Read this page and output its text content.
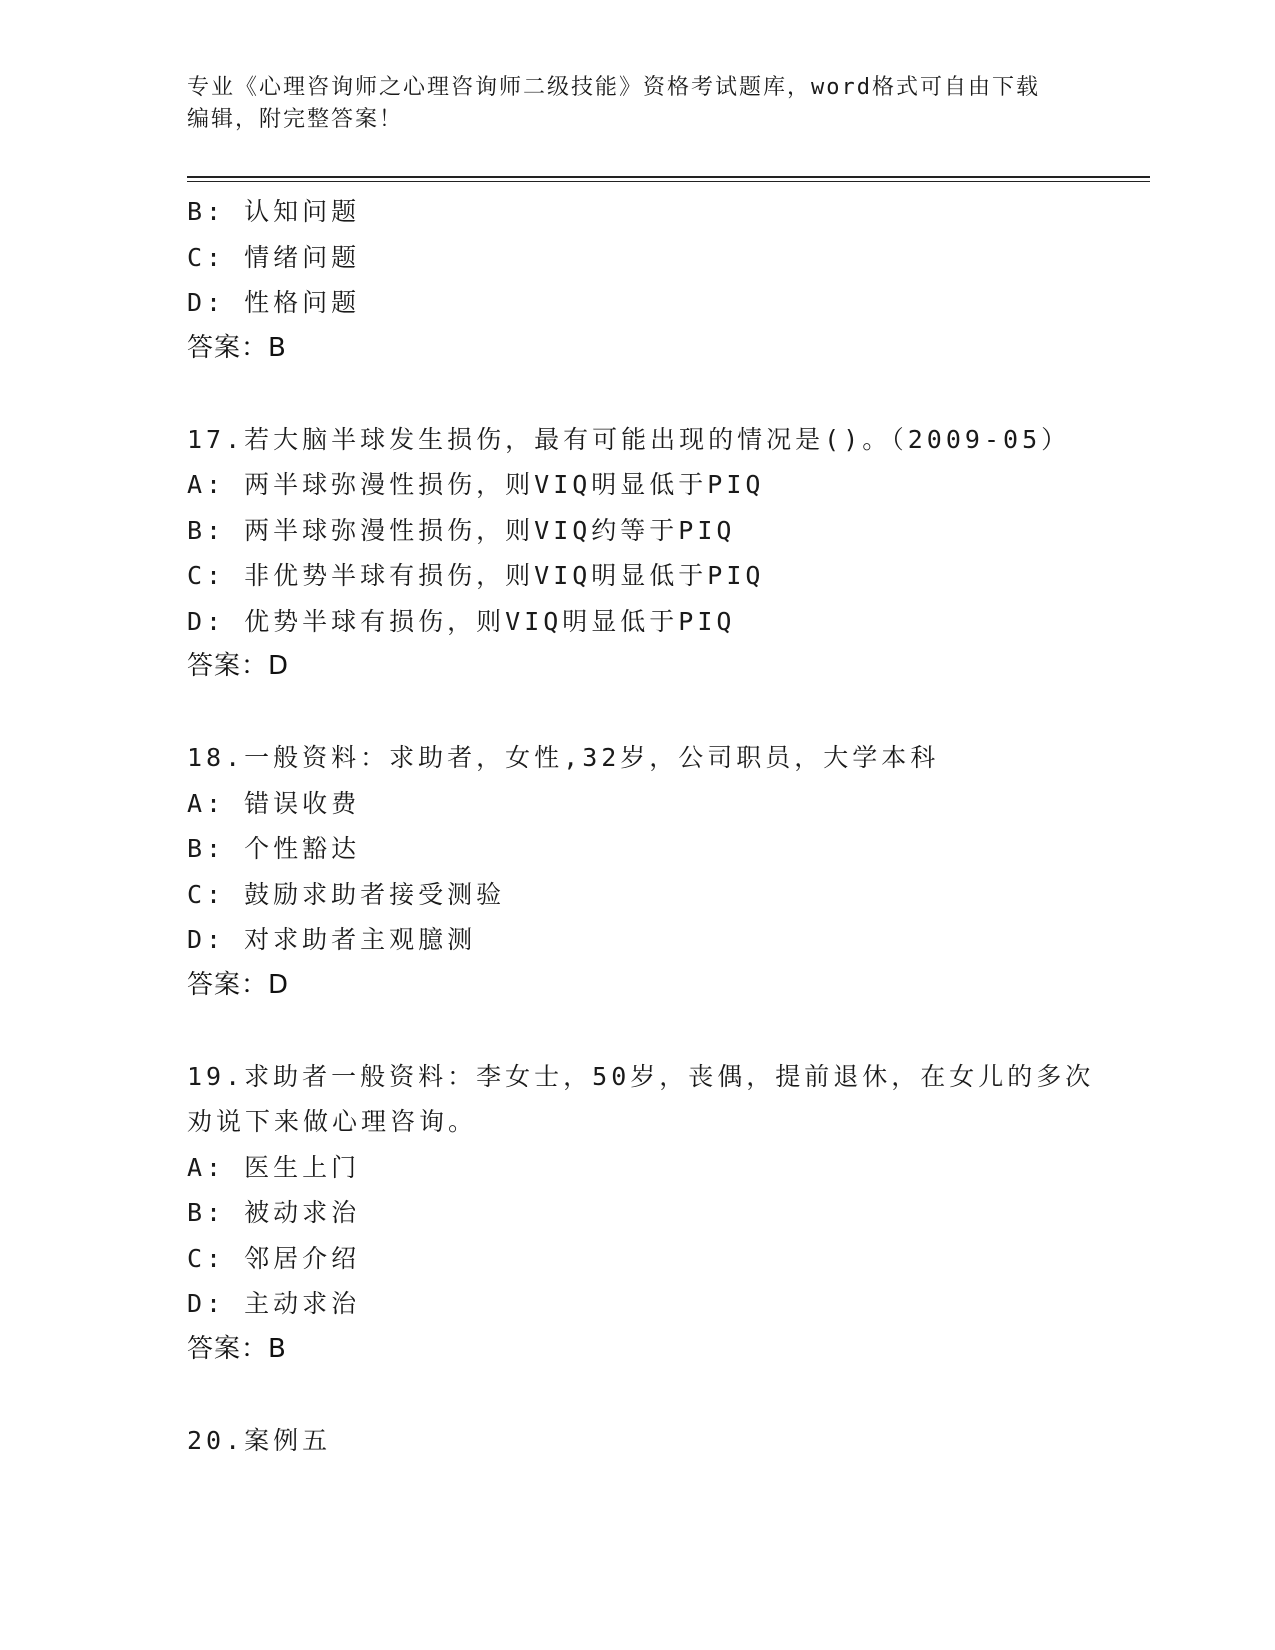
专业《心理咨询师之心理咨询师二级技能》资格考试题库，word格式可自由下载
编辑，附完整答案！
B: 认知问题
C: 情绪问题
D: 性格问题
答案：B
17.若大脑半球发生损伤，最有可能出现的情况是()。（2009-05）
A: 两半球弥漫性损伤，则VIQ明显低于PIQ
B: 两半球弥漫性损伤，则VIQ约等于PIQ
C: 非优势半球有损伤，则VIQ明显低于PIQ
D: 优势半球有损伤，则VIQ明显低于PIQ
答案：D
18.一般资料：求助者，女性,32岁，公司职员，大学本科
A: 错误收费
B: 个性豁达
C: 鼓励求助者接受测验
D: 对求助者主观臆测
答案：D
19.求助者一般资料：李女士，50岁，丧偶，提前退休，在女儿的多次
劝说下来做心理咨询。
A: 医生上门
B: 被动求治
C: 邻居介绍
D: 主动求治
答案：B
20.案例五
